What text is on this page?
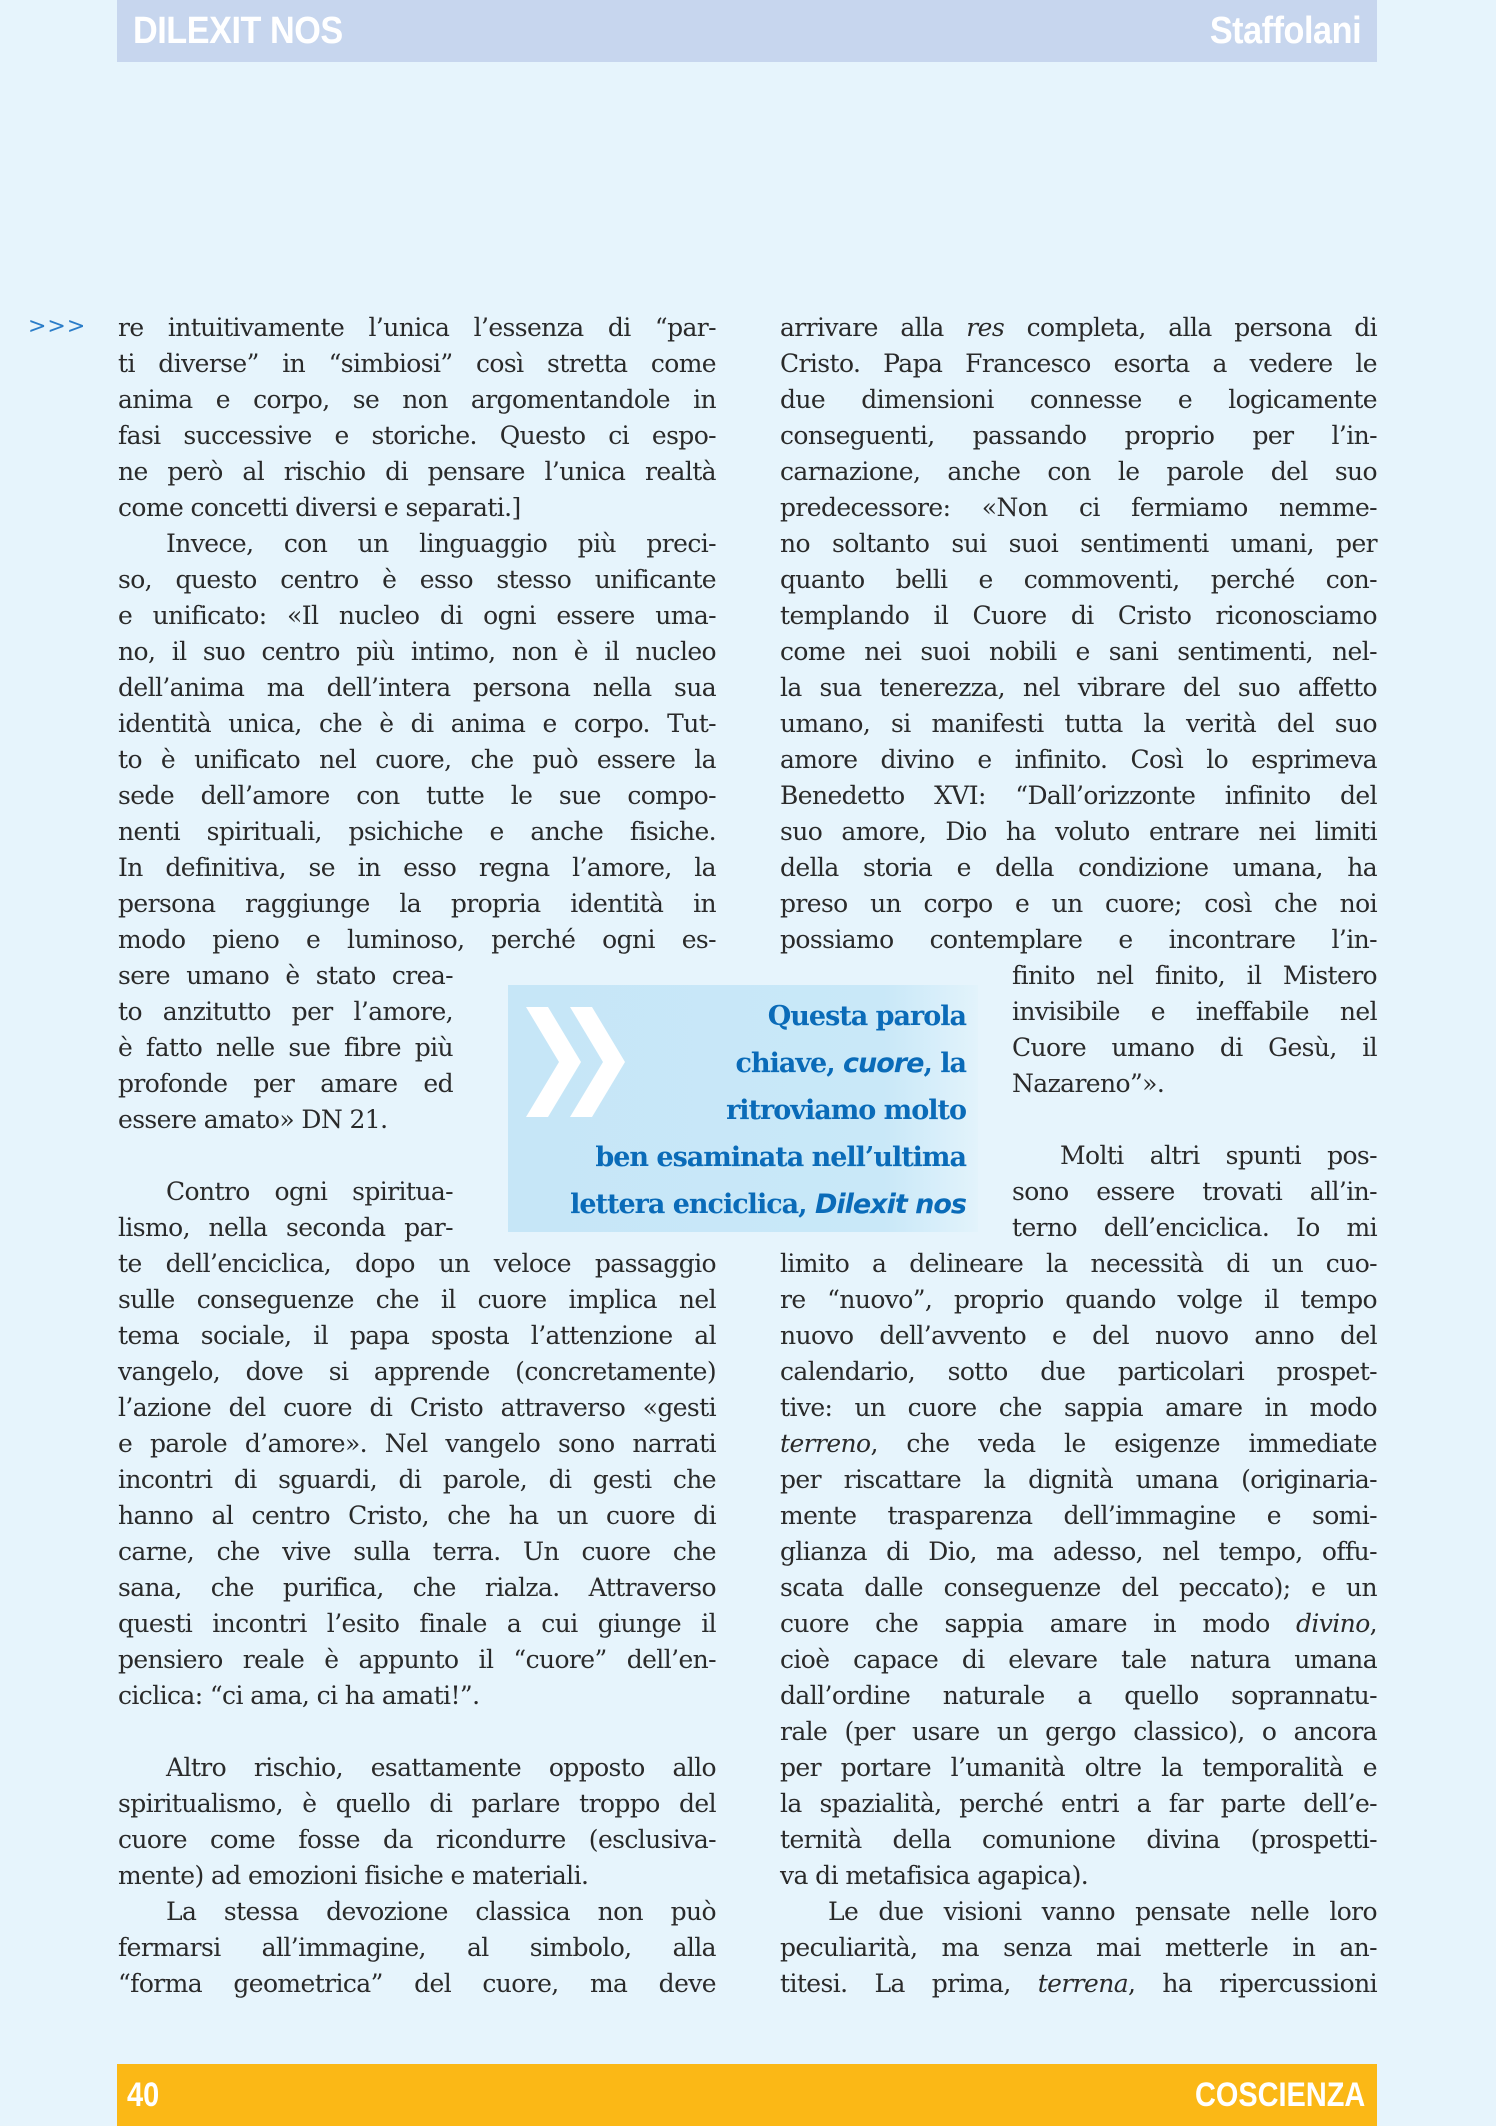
DILEXIT NOS	Staffolani
>>> re intuitivamente l’unica l’essenza di “par-
ti diverse” in “simbiosi” così stretta come
anima e corpo, se non argomentandole in
fasi successive e storiche. Questo ci espo-
ne però al rischio di pensare l’unica realtà
come concetti diversi e separati.]
Invece, con un linguaggio più preci-
so, questo centro è esso stesso unificante
e unificato: «Il nucleo di ogni essere uma-
no, il suo centro più intimo, non è il nucleo
dell’anima ma dell’intera persona nella sua
identità unica, che è di anima e corpo. Tut-
to è unificato nel cuore, che può essere la
sede dell’amore con tutte le sue compo-
nenti spirituali, psichiche e anche fisiche.
In definitiva, se in esso regna l’amore, la
persona raggiunge la propria identità in
modo pieno e luminoso, perché ogni es-
sere umano è stato crea-
to anzitutto per l’amore,
è fatto nelle sue fibre più
profonde per amare ed
essere amato» DN 21.
Contro ogni spiritua-
lismo, nella seconda par-
te dell’enciclica, dopo un veloce passaggio
sulle conseguenze che il cuore implica nel
tema sociale, il papa sposta l’attenzione al
vangelo, dove si apprende (concretamente)
l’azione del cuore di Cristo attraverso «gesti
e parole d’amore». Nel vangelo sono narrati
incontri di sguardi, di parole, di gesti che
hanno al centro Cristo, che ha un cuore di
carne, che vive sulla terra. Un cuore che
sana, che purifica, che rialza. Attraverso
questi incontri l’esito finale a cui giunge il
pensiero reale è appunto il “cuore” dell’en-
ciclica: “ci ama, ci ha amati!”.
Altro rischio, esattamente opposto allo
spiritualismo, è quello di parlare troppo del
cuore come fosse da ricondurre (esclusiva-
mente) ad emozioni fisiche e materiali.
La stessa devozione classica non può
fermarsi all’immagine, al simbolo, alla
“forma geometrica” del cuore, ma deve
arrivare alla res completa, alla persona di
Cristo. Papa Francesco esorta a vedere le
due dimensioni connesse e logicamente
conseguenti, passando proprio per l’in-
carnazione, anche con le parole del suo
predecessore: «Non ci fermiamo nemme-
no soltanto sui suoi sentimenti umani, per
quanto belli e commoventi, perché con-
templando il Cuore di Cristo riconosciamo
come nei suoi nobili e sani sentimenti, nel-
la sua tenerezza, nel vibrare del suo affetto
umano, si manifesti tutta la verità del suo
amore divino e infinito. Così lo esprimeva
Benedetto XVI: “Dall’orizzonte infinito del
suo amore, Dio ha voluto entrare nei limiti
della storia e della condizione umana, ha
preso un corpo e un cuore; così che noi
possiamo contemplare e incontrare l’in-
finito nel finito, il Mistero
invisibile e ineffabile nel
Cuore umano di Gesù, il
Nazareno”».
Molti altri spunti pos-
sono essere trovati all’in-
terno dell’enciclica. Io mi
limito a delineare la necessità di un cuo-
re “nuovo”, proprio quando volge il tempo
nuovo dell’avvento e del nuovo anno del
calendario, sotto due particolari prospet-
tive: un cuore che sappia amare in modo
terreno, che veda le esigenze immediate
per riscattare la dignità umana (originaria-
mente trasparenza dell’immagine e somi-
glianza di Dio, ma adesso, nel tempo, offu-
scata dalle conseguenze del peccato); e un
cuore che sappia amare in modo divino,
cioè capace di elevare tale natura umana
dall’ordine naturale a quello soprannatu-
rale (per usare un gergo classico), o ancora
per portare l’umanità oltre la temporalità e
la spazialità, perché entri a far parte dell’e-
ternità della comunione divina (prospetti-
va di metafisica agapica).
Le due visioni vanno pensate nelle loro
peculiarità, ma senza mai metterle in an-
titesi. La prima, terrena, ha ripercussioni
Questa parola
chiave, cuore, la
ritroviamo molto
ben esaminata nell’ultima
lettera enciclica, Dilexit nos
40	COSCIENZA
